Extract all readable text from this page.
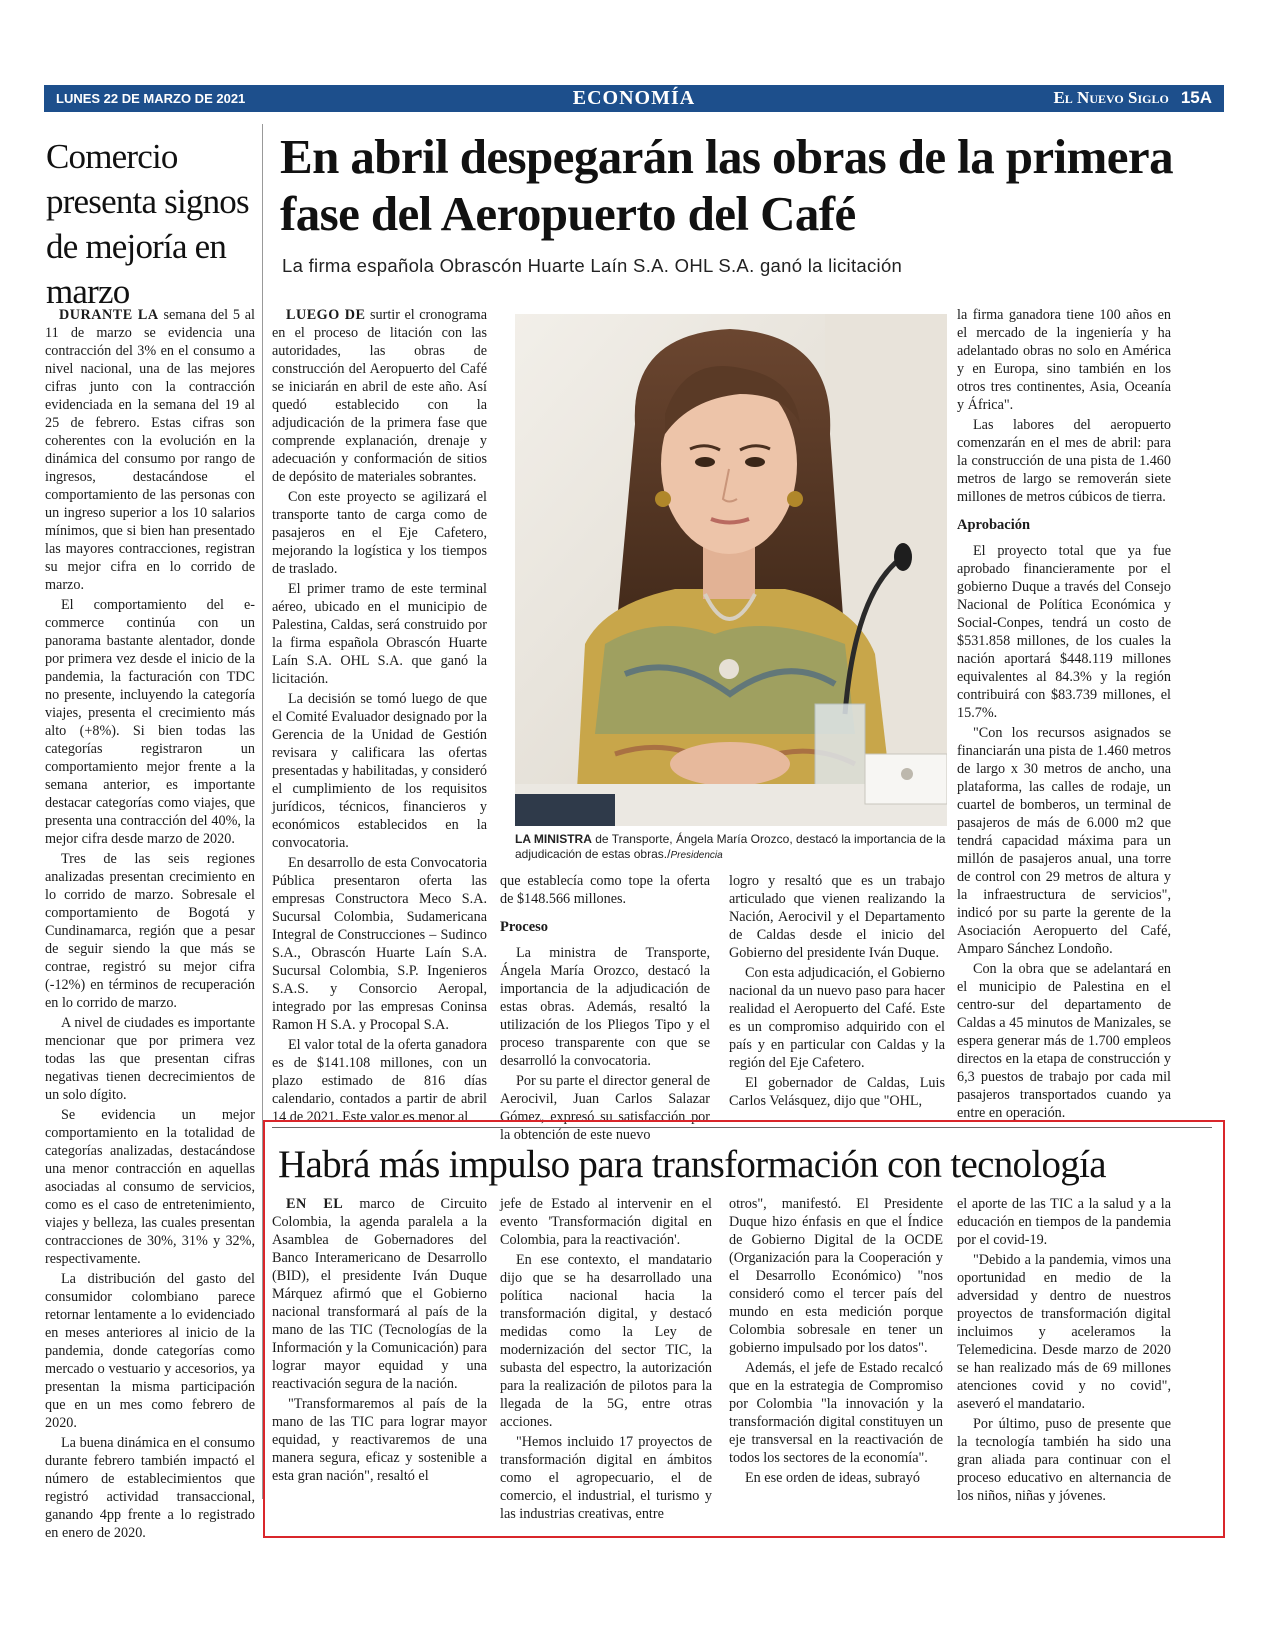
LUNES 22 DE MARZO DE 2021	ECONOMÍA	El Nuevo Siglo 15A
Comercio presenta signos de mejoría en marzo

DURANTE LA semana del 5 al 11 de marzo se evidencia una contracción del 3% en el consumo a nivel nacional, una de las mejores cifras junto con la contracción evidenciada en la semana del 19 al 25 de febrero. Estas cifras son coherentes con la evolución en la dinámica del consumo por rango de ingresos, destacándose el comportamiento de las personas con un ingreso superior a los 10 salarios mínimos, que si bien han presentado las mayores contracciones, registran su mejor cifra en lo corrido de marzo.

El comportamiento del e-commerce continúa con un panorama bastante alentador, donde por primera vez desde el inicio de la pandemia, la facturación con TDC no presente, incluyendo la categoría viajes, presenta el crecimiento más alto (+8%). Si bien todas las categorías registraron un comportamiento mejor frente a la semana anterior, es importante destacar categorías como viajes, que presenta una contracción del 40%, la mejor cifra desde marzo de 2020.

Tres de las seis regiones analizadas presentan crecimiento en lo corrido de marzo. Sobresale el comportamiento de Bogotá y Cundinamarca, región que a pesar de seguir siendo la que más se contrae, registró su mejor cifra (-12%) en términos de recuperación en lo corrido de marzo.

A nivel de ciudades es importante mencionar que por primera vez todas las que presentan cifras negativas tienen decrecimientos de un solo dígito.

Se evidencia un mejor comportamiento en la totalidad de categorías analizadas, destacándose una menor contracción en aquellas asociadas al consumo de servicios, como es el caso de entretenimiento, viajes y belleza, las cuales presentan contracciones de 30%, 31% y 32%, respectivamente.

La distribución del gasto del consumidor colombiano parece retornar lentamente a lo evidenciado en meses anteriores al inicio de la pandemia, donde categorías como mercado o vestuario y accesorios, ya presentan la misma participación que en un mes como febrero de 2020.

La buena dinámica en el consumo durante febrero también impactó el número de establecimientos que registró actividad transaccional, ganando 4pp frente a lo registrado en enero de 2020.

En abril despegarán las obras de la primera fase del Aeropuerto del Café
La firma española Obrascón Huarte Laín S.A. OHL S.A. ganó la licitación

LUEGO DE surtir el cronograma en el proceso de litación con las autoridades, las obras de construcción del Aeropuerto del Café se iniciarán en abril de este año. Así quedó establecido con la adjudicación de la primera fase que comprende explanación, drenaje y adecuación y conformación de sitios de depósito de materiales sobrantes.

Con este proyecto se agilizará el transporte tanto de carga como de pasajeros en el Eje Cafetero, mejorando la logística y los tiempos de traslado.

El primer tramo de este terminal aéreo, ubicado en el municipio de Palestina, Caldas, será construido por la firma española Obrascón Huarte Laín S.A. OHL S.A. que ganó la licitación.

La decisión se tomó luego de que el Comité Evaluador designado por la Gerencia de la Unidad de Gestión revisara y calificara las ofertas presentadas y habilitadas, y consideró el cumplimiento de los requisitos jurídicos, técnicos, financieros y económicos establecidos en la convocatoria.

En desarrollo de esta Convocatoria Pública presentaron oferta las empresas Constructora Meco S.A. Sucursal Colombia, Sudamericana Integral de Construcciones – Sudinco S.A., Obrascón Huarte Laín S.A. Sucursal Colombia, S.P. Ingenieros S.A.S. y Consorcio Aeropal, integrado por las empresas Coninsa Ramon H S.A. y Procopal S.A.

El valor total de la oferta ganadora es de $141.108 millones, con un plazo estimado de 816 días calendario, contados a partir de abril 14 de 2021. Este valor es menor al

LA MINISTRA de Transporte, Ángela María Orozco, destacó la importancia de la adjudicación de estas obras./Presidencia

que establecía como tope la oferta de $148.566 millones.

Proceso

La ministra de Transporte, Ángela María Orozco, destacó la importancia de la adjudicación de estas obras. Además, resaltó la utilización de los Pliegos Tipo y el proceso transparente con que se desarrolló la convocatoria.

Por su parte el director general de Aerocivil, Juan Carlos Salazar Gómez, expresó su satisfacción por la obtención de este nuevo

logro y resaltó que es un trabajo articulado que vienen realizando la Nación, Aerocivil y el Departamento de Caldas desde el inicio del Gobierno del presidente Iván Duque.

Con esta adjudicación, el Gobierno nacional da un nuevo paso para hacer realidad el Aeropuerto del Café. Este es un compromiso adquirido con el país y en particular con Caldas y la región del Eje Cafetero.

El gobernador de Caldas, Luis Carlos Velásquez, dijo que "OHL,

la firma ganadora tiene 100 años en el mercado de la ingeniería y ha adelantado obras no solo en América y en Europa, sino también en los otros tres continentes, Asia, Oceanía y África".

Las labores del aeropuerto comenzarán en el mes de abril: para la construcción de una pista de 1.460 metros de largo se removerán siete millones de metros cúbicos de tierra.

Aprobación

El proyecto total que ya fue aprobado financieramente por el gobierno Duque a través del Consejo Nacional de Política Económica y Social-Conpes, tendrá un costo de $531.858 millones, de los cuales la nación aportará $448.119 millones equivalentes al 84.3% y la región contribuirá con $83.739 millones, el 15.7%.

"Con los recursos asignados se financiarán una pista de 1.460 metros de largo x 30 metros de ancho, una plataforma, las calles de rodaje, un cuartel de bomberos, un terminal de pasajeros de más de 6.000 m2 que tendrá capacidad máxima para un millón de pasajeros anual, una torre de control con 29 metros de altura y la infraestructura de servicios", indicó por su parte la gerente de la Asociación Aeropuerto del Café, Amparo Sánchez Londoño.

Con la obra que se adelantará en el municipio de Palestina en el centro-sur del departamento de Caldas a 45 minutos de Manizales, se espera generar más de 1.700 empleos directos en la etapa de construcción y 6,3 puestos de trabajo por cada mil pasajeros transportados cuando ya entre en operación.

Habrá más impulso para transformación con tecnología

EN EL marco de Circuito Colombia, la agenda paralela a la Asamblea de Gobernadores del Banco Interamericano de Desarrollo (BID), el presidente Iván Duque Márquez afirmó que el Gobierno nacional transformará al país de la mano de las TIC (Tecnologías de la Información y la Comunicación) para lograr mayor equidad y una reactivación segura de la nación.

"Transformaremos al país de la mano de las TIC para lograr mayor equidad, y reactivaremos de una manera segura, eficaz y sostenible a esta gran nación", resaltó el

jefe de Estado al intervenir en el evento 'Transformación digital en Colombia, para la reactivación'.

En ese contexto, el mandatario dijo que se ha desarrollado una política nacional hacia la transformación digital, y destacó medidas como la Ley de modernización del sector TIC, la subasta del espectro, la autorización para la realización de pilotos para la llegada de la 5G, entre otras acciones.

"Hemos incluido 17 proyectos de transformación digital en ámbitos como el agropecuario, el de comercio, el industrial, el turismo y las industrias creativas, entre

otros", manifestó. El Presidente Duque hizo énfasis en que el Índice de Gobierno Digital de la OCDE (Organización para la Cooperación y el Desarrollo Económico) "nos consideró como el tercer país del mundo en esta medición porque Colombia sobresale en tener un gobierno impulsado por los datos".

Además, el jefe de Estado recalcó que en la estrategia de Compromiso por Colombia "la innovación y la transformación digital constituyen un eje transversal en la reactivación de todos los sectores de la economía".

En ese orden de ideas, subrayó

el aporte de las TIC a la salud y a la educación en tiempos de la pandemia por el covid-19.

"Debido a la pandemia, vimos una oportunidad en medio de la adversidad y dentro de nuestros proyectos de transformación digital incluimos y aceleramos la Telemedicina. Desde marzo de 2020 se han realizado más de 69 millones atenciones covid y no covid", aseveró el mandatario.

Por último, puso de presente que la tecnología también ha sido una gran aliada para continuar con el proceso educativo en alternancia de los niños, niñas y jóvenes.
